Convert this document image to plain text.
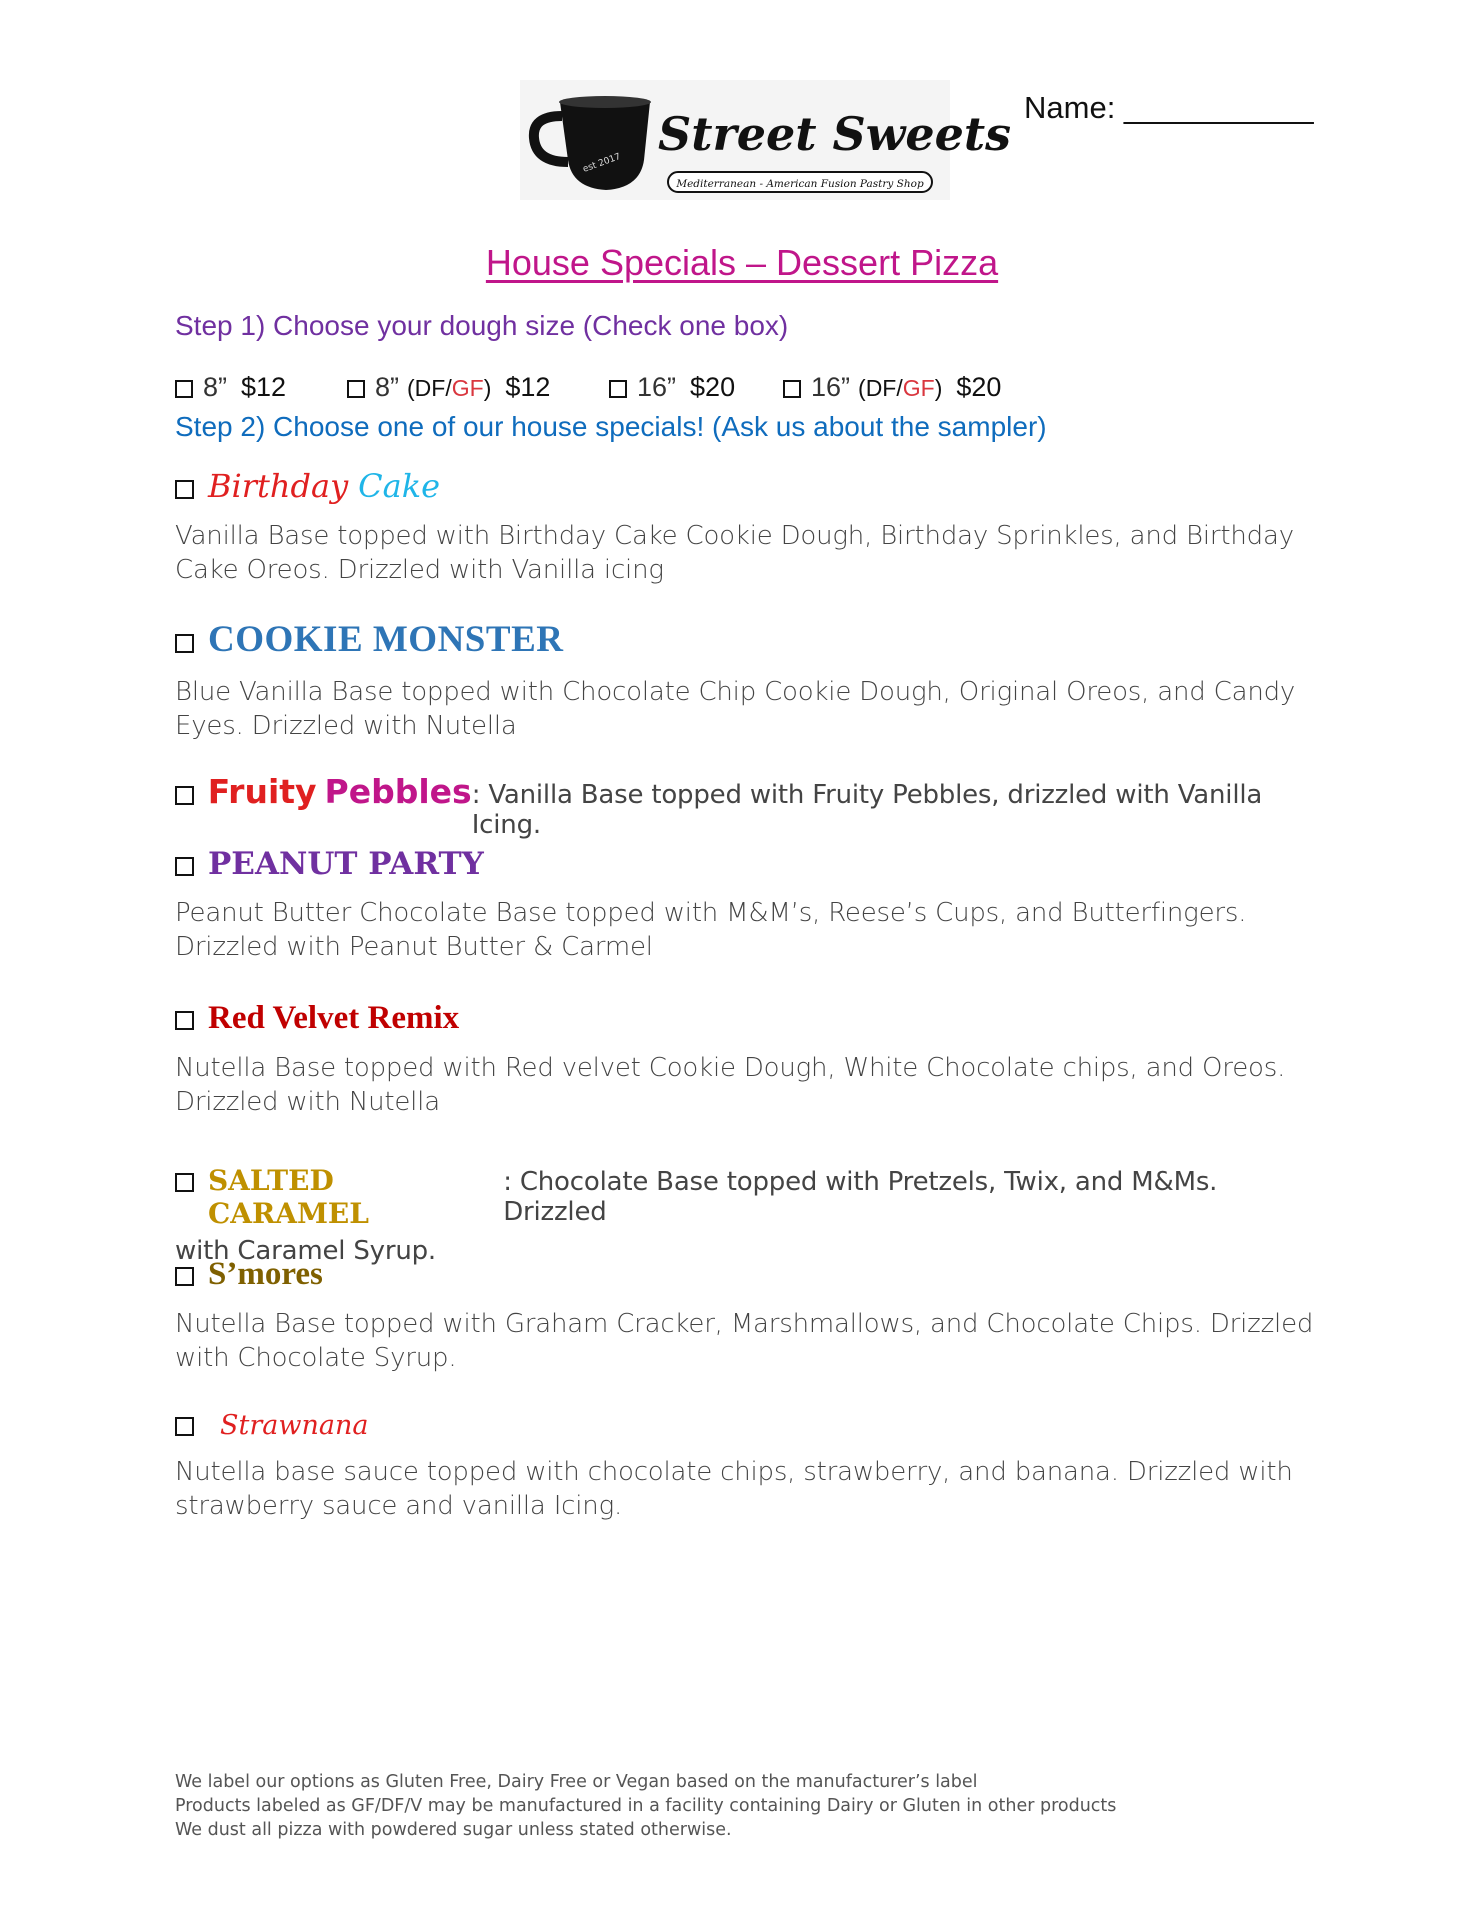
est 2017
Street Sweets
Mediterranean - American Fusion Pastry Shop
Name: ___________
House Specials – Dessert Pizza
Step 1) Choose your dough size (Check one box)
8” $12	8” (DF/ GF ) $12	16” $20	16” (DF/ GF ) $20
Step 2) Choose one of our house specials! (Ask us about the sampler)
Birthday Cake
Vanilla Base topped with Birthday Cake Cookie Dough, Birthday Sprinkles, and Birthday Cake Oreos. Drizzled with Vanilla icing
COOKIE MONSTER
Blue Vanilla Base topped with Chocolate Chip Cookie Dough, Original Oreos, and Candy Eyes. Drizzled with Nutella
Fruity Pebbles : Vanilla Base topped with Fruity Pebbles, drizzled with Vanilla Icing.
PEANUT PARTY
Peanut Butter Chocolate Base topped with M&M’s, Reese’s Cups, and Butterfingers. Drizzled with Peanut Butter & Carmel
Red Velvet Remix
Nutella Base topped with Red velvet Cookie Dough, White Chocolate chips, and Oreos. Drizzled with Nutella
SALTED CARAMEL
: Chocolate Base topped with Pretzels, Twix, and M&Ms. Drizzled
with Caramel Syrup.
S’mores
Nutella Base topped with Graham Cracker, Marshmallows, and Chocolate Chips. Drizzled with Chocolate Syrup.
Strawnana
Nutella base sauce topped with chocolate chips, strawberry, and banana. Drizzled with strawberry sauce and vanilla Icing.
We label our options as Gluten Free, Dairy Free or Vegan based on the manufacturer’s label
Products labeled as GF/DF/V may be manufactured in a facility containing Dairy or Gluten in other products
We dust all pizza with powdered sugar unless stated otherwise.
